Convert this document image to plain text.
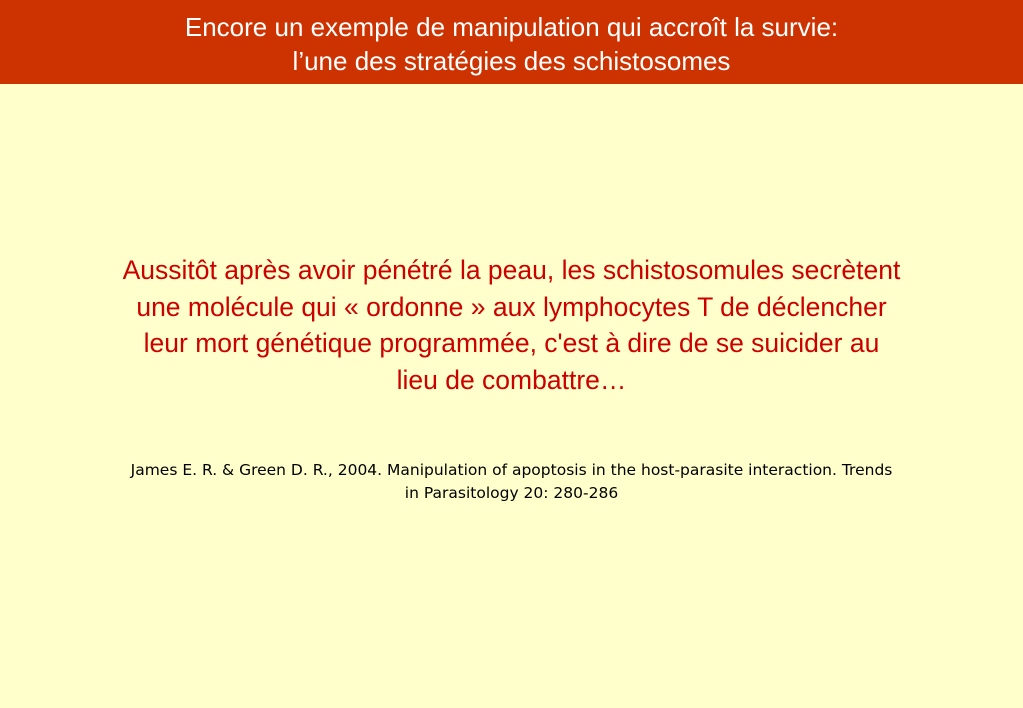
Encore un exemple de manipulation qui accroît la survie:
l’une des stratégies des schistosomes
Aussitôt après avoir pénétré la peau, les schistosomules secrètent
une molécule qui « ordonne » aux lymphocytes T de déclencher
leur mort génétique programmée, c'est à dire de se suicider au
lieu de combattre…
James E. R. & Green D. R., 2004. Manipulation of apoptosis in the host-parasite interaction. Trends
in Parasitology 20: 280-286
